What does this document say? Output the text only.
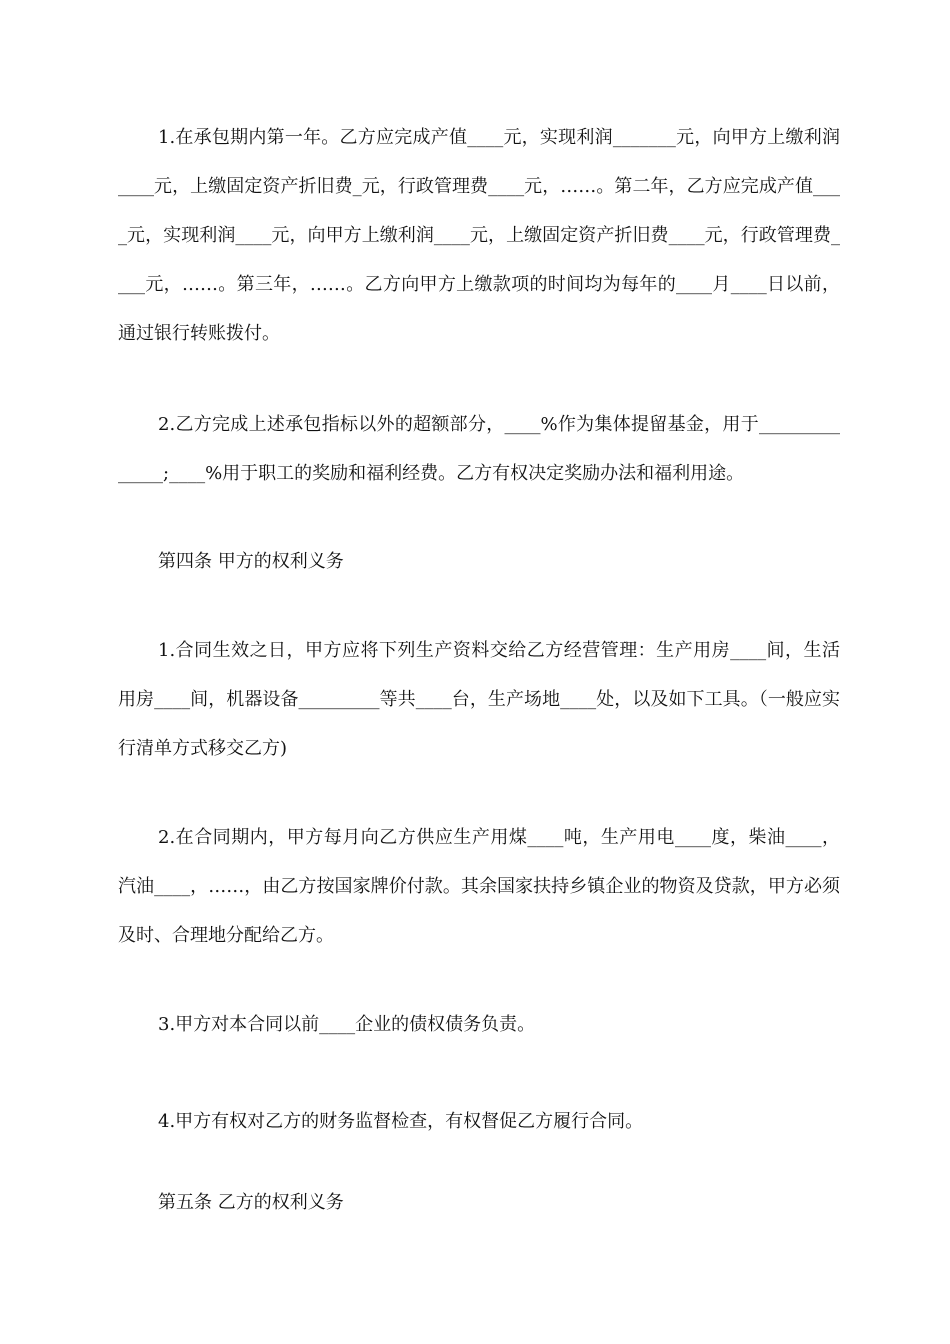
1.在承包期内第一年。乙方应完成产值____元，实现利润_______元，向甲方上缴利润____元，上缴固定资产折旧费_元，行政管理费____元，……。第二年，乙方应完成产值____元，实现利润____元，向甲方上缴利润____元，上缴固定资产折旧费____元，行政管理费____元，……。第三年，……。乙方向甲方上缴款项的时间均为每年的____月____日以前，通过银行转账拨付。

2.乙方完成上述承包指标以外的超额部分，____%作为集体提留基金，用于______________;____%用于职工的奖励和福利经费。乙方有权决定奖励办法和福利用途。

第四条 甲方的权利义务

1.合同生效之日，甲方应将下列生产资料交给乙方经营管理：生产用房____间，生活用房____间，机器设备_________等共____台，生产场地____处，以及如下工具。（一般应实行清单方式移交乙方)

2.在合同期内，甲方每月向乙方供应生产用煤____吨，生产用电____度，柴油____，汽油____，……，由乙方按国家牌价付款。其余国家扶持乡镇企业的物资及贷款，甲方必须及时、合理地分配给乙方。

3.甲方对本合同以前____企业的债权债务负责。

4.甲方有权对乙方的财务监督检查，有权督促乙方履行合同。

第五条 乙方的权利义务
